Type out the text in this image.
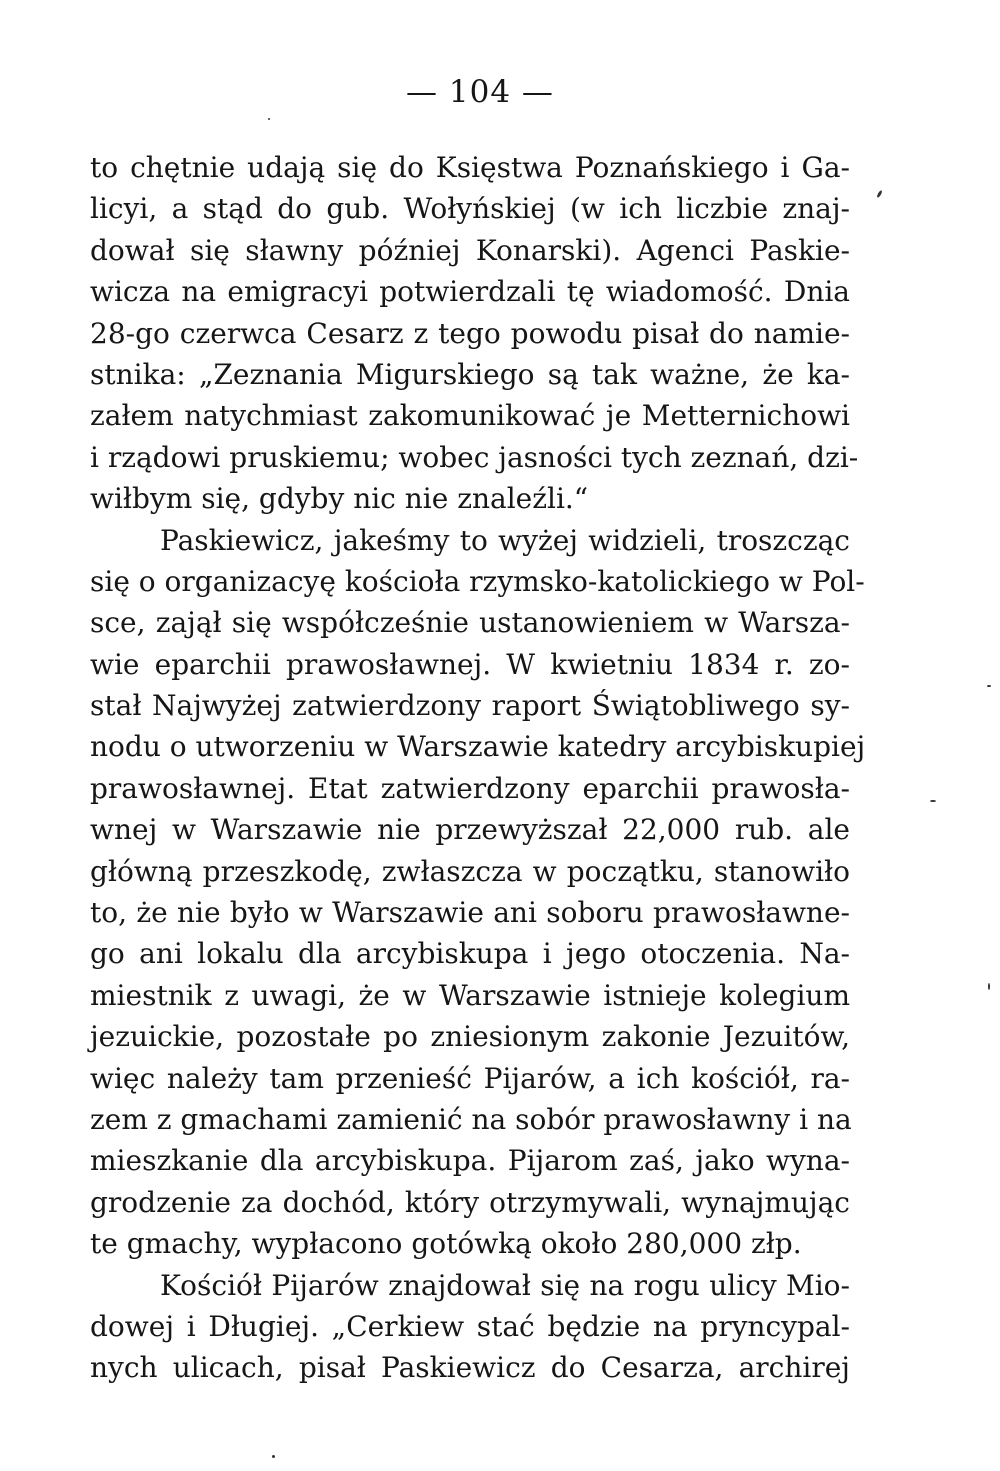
— 104 —
to chętnie udają się do Księstwa Poznańskiego i Ga-
licyi, a stąd do gub. Wołyńskiej (w ich liczbie znaj-
dował się sławny później Konarski). Agenci Paskie-
wicza na emigracyi potwierdzali tę wiadomość. Dnia
28-go czerwca Cesarz z tego powodu pisał do namie-
stnika: „Zeznania Migurskiego są tak ważne, że ka-
załem natychmiast zakomunikować je Metternichowi
i rządowi pruskiemu; wobec jasności tych zeznań, dzi-
wiłbym się, gdyby nic nie znaleźli.“
Paskiewicz, jakeśmy to wyżej widzieli, troszcząc
się o organizacyę kościoła rzymsko-katolickiego w Pol-
sce, zajął się współcześnie ustanowieniem w Warsza-
wie eparchii prawosławnej. W kwietniu 1834 r. zo-
stał Najwyżej zatwierdzony raport Świątobliwego sy-
nodu o utworzeniu w Warszawie katedry arcybiskupiej
prawosławnej. Etat zatwierdzony eparchii prawosła-
wnej w Warszawie nie przewyższał 22,000 rub. ale
główną przeszkodę, zwłaszcza w początku, stanowiło
to, że nie było w Warszawie ani soboru prawosławne-
go ani lokalu dla arcybiskupa i jego otoczenia. Na-
miestnik z uwagi, że w Warszawie istnieje kolegium
jezuickie, pozostałe po zniesionym zakonie Jezuitów,
więc należy tam przenieść Pijarów, a ich kościół, ra-
zem z gmachami zamienić na sobór prawosławny i na
mieszkanie dla arcybiskupa. Pijarom zaś, jako wyna-
grodzenie za dochód, który otrzymywali, wynajmując
te gmachy, wypłacono gotówką około 280,000 złp.
Kościół Pijarów znajdował się na rogu ulicy Mio-
dowej i Długiej. „Cerkiew stać będzie na pryncypal-
nych ulicach, pisał Paskiewicz do Cesarza, archirej
